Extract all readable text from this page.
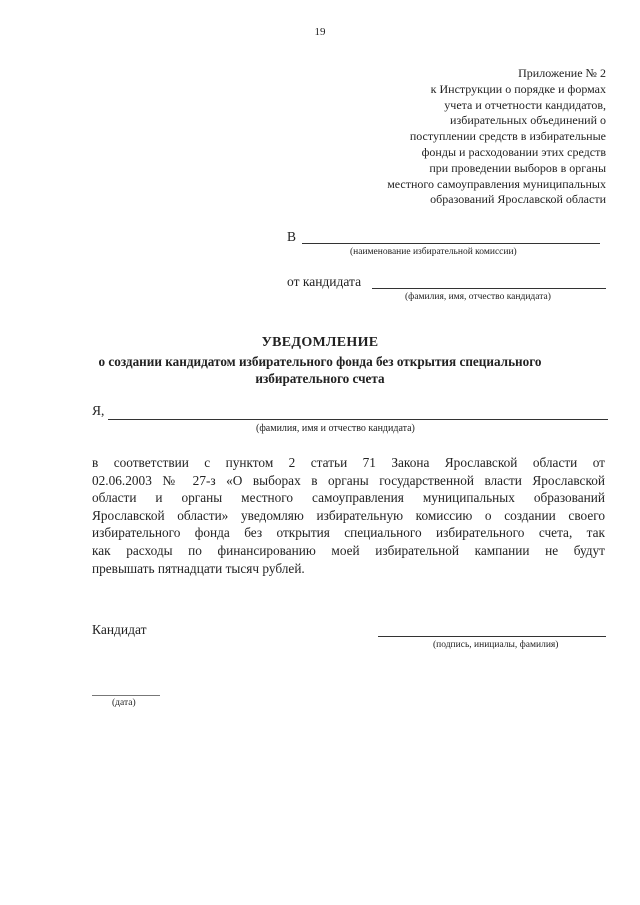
19
Приложение № 2
к Инструкции о порядке и формах
учета и отчетности кандидатов,
избирательных объединений о
поступлении средств в избирательные
фонды и расходовании этих средств
при проведении выборов в органы
местного самоуправления муниципальных
образований Ярославской области
В
(наименование избирательной комиссии)
от кандидата
(фамилия, имя, отчество кандидата)
УВЕДОМЛЕНИЕ
о создании кандидатом избирательного фонда без открытия специального
избирательного счета
Я,
(фамилия, имя и отчество кандидата)
в соответствии с пунктом 2 статьи 71 Закона Ярославской области от
02.06.2003 № 27-з «О выборах в органы государственной власти Ярославской
области и органы местного самоуправления муниципальных образований
Ярославской области» уведомляю избирательную комиссию о создании своего
избирательного фонда без открытия специального избирательного счета, так
как расходы по финансированию моей избирательной кампании не будут
превышать пятнадцати тысяч рублей.
Кандидат
(подпись, инициалы, фамилия)
(дата)
